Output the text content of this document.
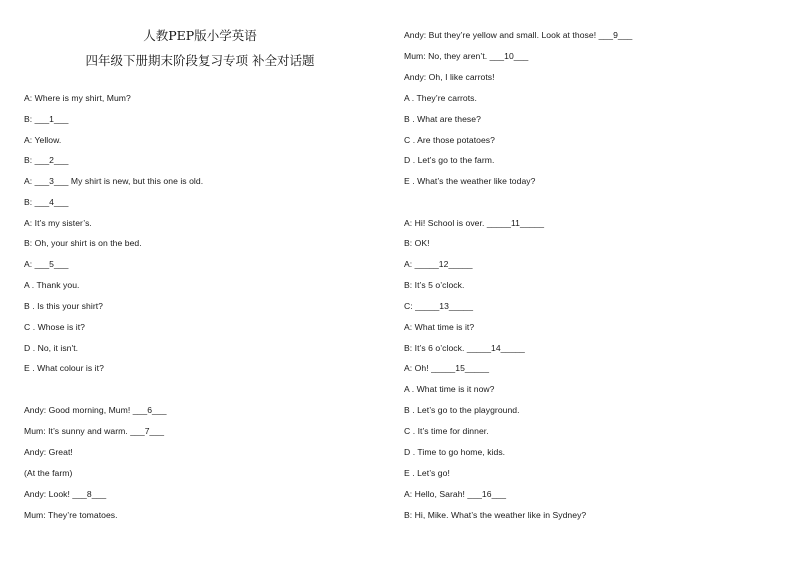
人教PEP版小学英语
四年级下册期末阶段复习专项 补全对话题
A: Where is my shirt, Mum?
B: ___1___
A: Yellow.
B: ___2___
A: ___3___ My shirt is new, but this one is old.
B: ___4___
A: It’s my sister’s.
B: Oh, your shirt is on the bed.
A: ___5___
A . Thank you.
B . Is this your shirt?
C . Whose is it?
D . No, it isn't.
E . What colour is it?
Andy: Good morning, Mum! ___6___
Mum: It’s sunny and warm. ___7___
Andy: Great!
(At the farm)
Andy: Look! ___8___
Mum: They’re tomatoes.
Andy: But they’re yellow and small. Look at those! ___9___
Mum: No, they aren’t. ___10___
Andy: Oh, I like carrots!
A . They’re carrots.
B . What are these?
C . Are those potatoes?
D . Let’s go to the farm.
E . What’s the weather like today?
A: Hi! School is over. _____11_____
B: OK!
A: _____12_____
B: It’s 5 o’clock.
C: _____13_____
A: What time is it?
B: It’s 6 o’clock. _____14_____
A: Oh! _____15_____
A . What time is it now?
B . Let’s go to the playground.
C . It’s time for dinner.
D . Time to go home, kids.
E . Let’s go!
A: Hello, Sarah! ___16___
B: Hi, Mike. What’s the weather like in Sydney?
